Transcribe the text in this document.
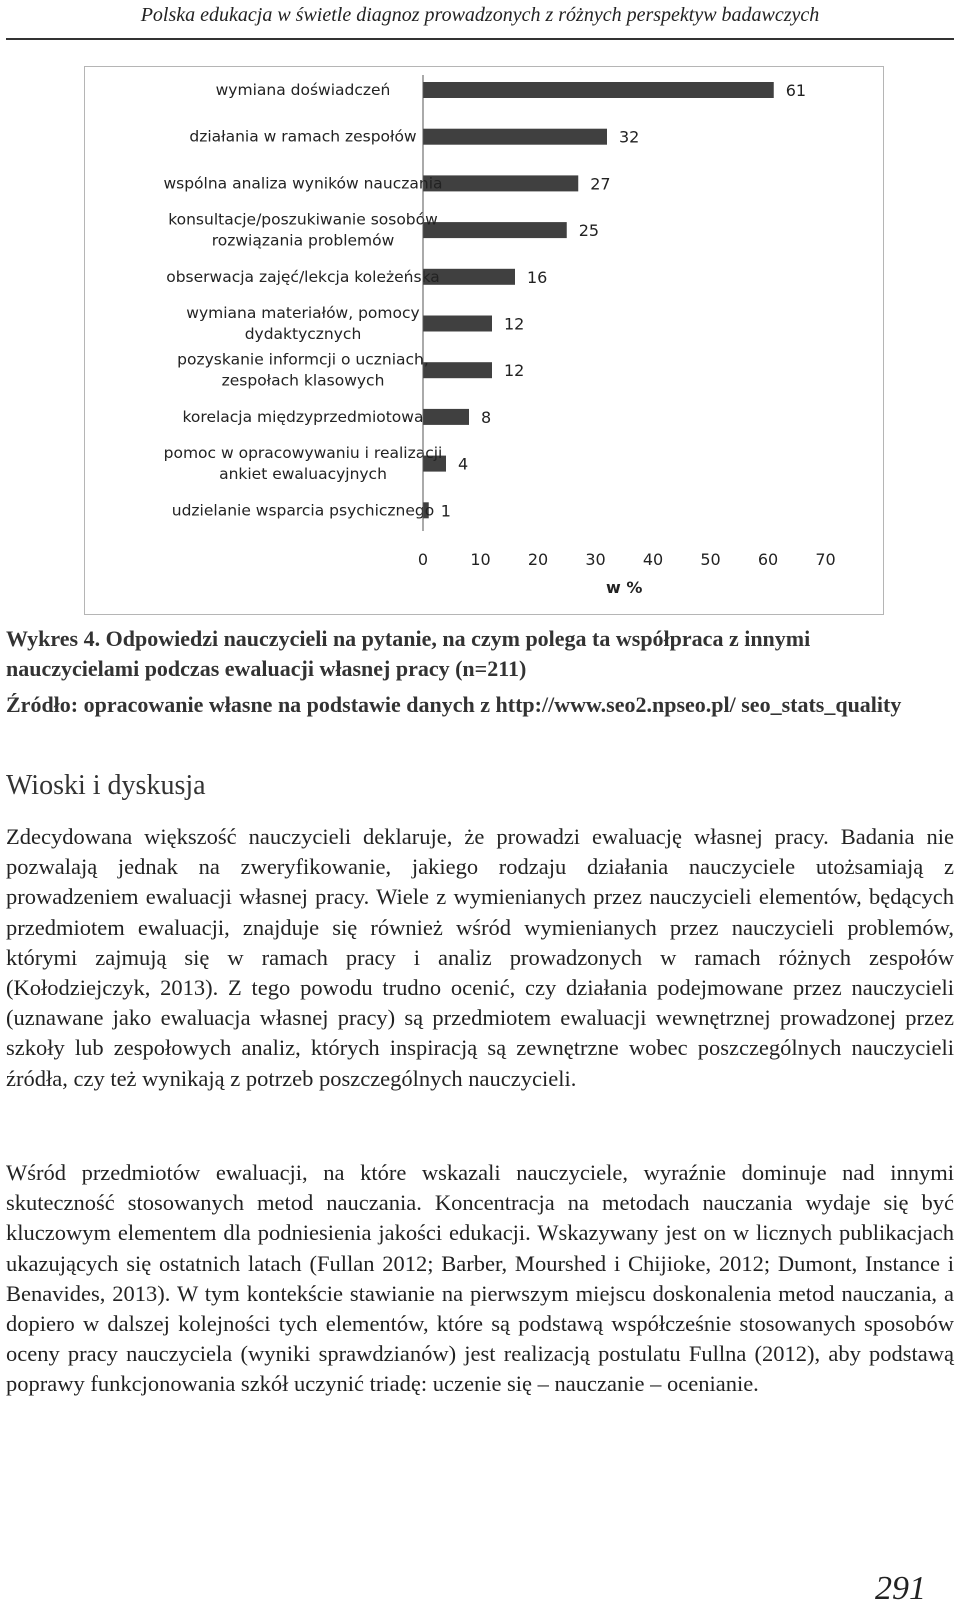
Polska edukacja w świetle diagnoz prowadzonych z różnych perspektyw badawczych
61
wymiana doświadczeń
32
działania w ramach zespołów
27
wspólna analiza wyników nauczania
25
konsultacje/poszukiwanie sosobów
rozwiązania problemów
16
obserwacja zajęć/lekcja koleżeńska
12
wymiana materiałów, pomocy
dydaktycznych
12
pozyskanie informcji o uczniach,
zespołach klasowych
8
korelacja międzyprzedmiotowa
4
pomoc w opracowywaniu i realizacji
ankiet ewaluacyjnych
1
udzielanie wsparcia psychicznego
0	10 20 30 40 50 60 70
w %
Wykres 4. Odpowiedzi nauczycieli na pytanie, na czym polega ta współpraca z innymi nauczycielami podczas ewaluacji własnej pracy (n=211)
Źródło: opracowanie własne na podstawie danych z http://www.seo2.npseo.pl/ seo_stats_quality
Wioski i dyskusja

Zdecydowana większość nauczycieli deklaruje, że prowadzi ewaluację własnej pracy. Badania nie pozwalają jednak na zweryfikowanie, jakiego rodzaju działania nauczyciele utożsamiają z prowadzeniem ewaluacji własnej pracy. Wiele z wymienianych przez nauczycieli elementów, będących przedmiotem ewaluacji, znajduje się również wśród wymienianych przez nauczycieli problemów, którymi zajmują się w ramach pracy i analiz prowadzonych w ramach różnych zespołów (Kołodziejczyk, 2013). Z tego powodu trudno ocenić, czy działania podejmowane przez nauczycieli (uznawane jako ewaluacja własnej pracy) są przedmiotem ewaluacji wewnętrznej prowadzonej przez szkoły lub zespołowych analiz, których inspiracją są zewnętrzne wobec poszczególnych nauczycieli źródła, czy też wynikają z potrzeb poszczególnych nauczycieli.

Wśród przedmiotów ewaluacji, na które wskazali nauczyciele, wyraźnie dominuje nad innymi skuteczność stosowanych metod nauczania. Koncentracja na metodach nauczania wydaje się być kluczowym elementem dla podniesienia jakości edukacji. Wskazywany jest on w licznych publikacjach ukazujących się ostatnich latach (Fullan 2012; Barber, Mourshed i Chijioke, 2012; Dumont, Instance i Benavides, 2013). W tym kontekście stawianie na pierwszym miejscu doskonalenia metod nauczania, a dopiero w dalszej kolejności tych elementów, które są podstawą współcześnie stosowanych sposobów oceny pracy nauczyciela (wyniki sprawdzianów) jest realizacją postulatu Fullna (2012), aby podstawą poprawy funkcjonowania szkół uczynić triadę: uczenie się – nauczanie – ocenianie.

291
